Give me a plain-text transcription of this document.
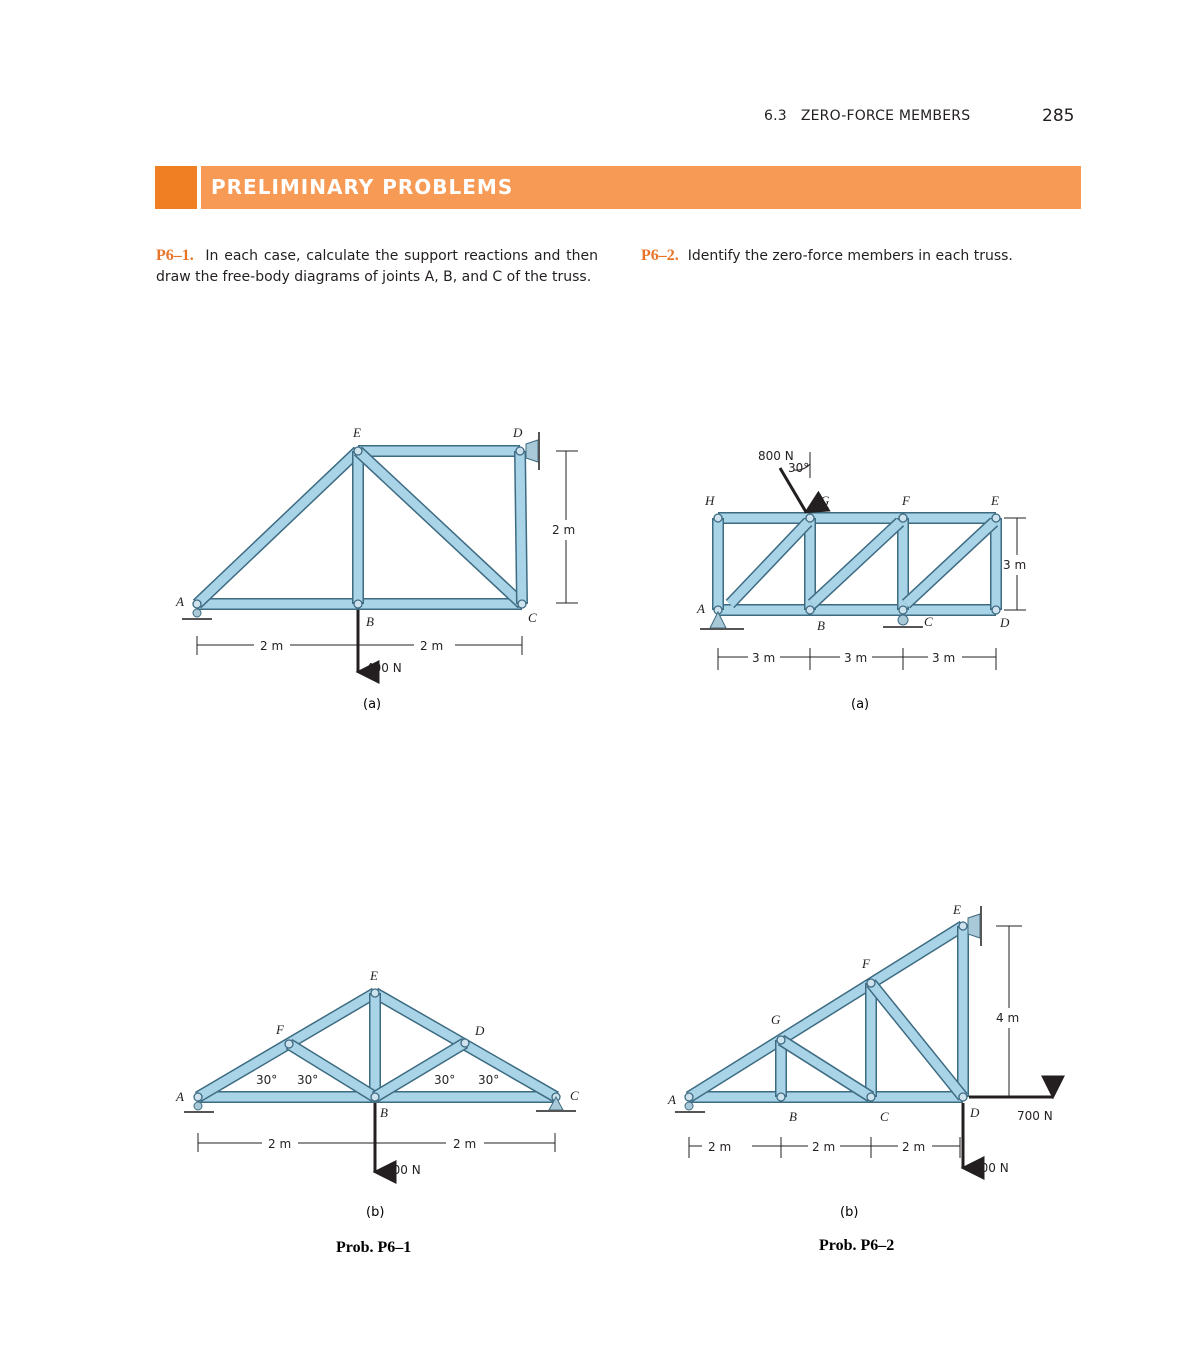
6.3 ZERO-FORCE MEMBERS	285
PRELIMINARY PROBLEMS
P6–1. In each case, calculate the support reactions and then draw the free-body diagrams of joints A, B, and C of the truss.
P6–2. Identify the zero-force members in each truss.
A
B	C
D
E
400 N
2 m	2 m
2 m
(a)
A
B
C
D
E
F
30° 30°	30° 30°
600 N
2 m	2 m
(b)
Prob. P6–1
A
B	C	D
E
F
G
H
800 N
30°
3 m	3 m	3 m
3 m
(a)
A
B	C	D
E
F
G
700 N
500 N
2 m	2 m	2 m
4 m
(b)
Prob. P6–2
